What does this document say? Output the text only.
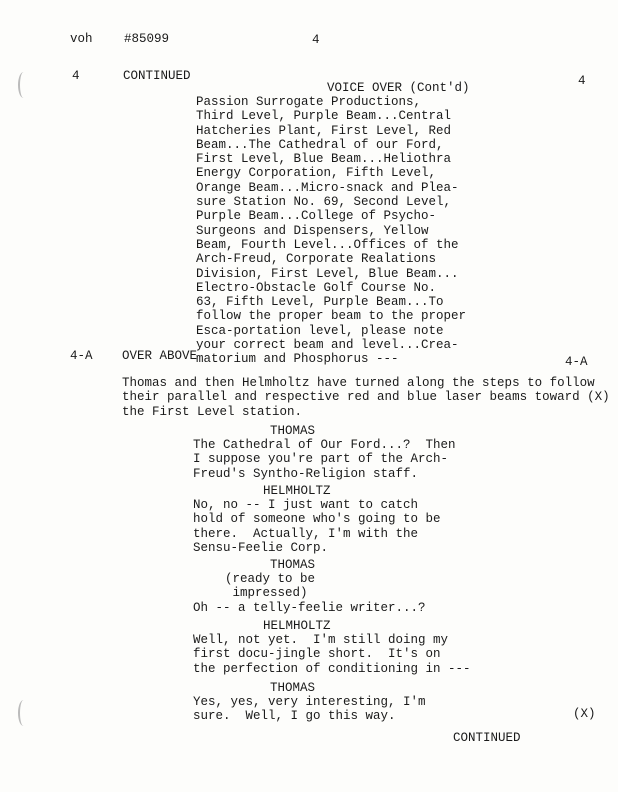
voh	#85099	4
4	CONTINUED	4
VOICE OVER (Cont'd)
Passion Surrogate Productions,
Third Level, Purple Beam...Central
Hatcheries Plant, First Level, Red
Beam...The Cathedral of our Ford,
First Level, Blue Beam...Heliothra
Energy Corporation, Fifth Level,
Orange Beam...Micro-snack and Plea-
sure Station No. 69, Second Level,
Purple Beam...College of Psycho-
Surgeons and Dispensers, Yellow
Beam, Fourth Level...Offices of the
Arch-Freud, Corporate Realations
Division, First Level, Blue Beam...
Electro-Obstacle Golf Course No.
63, Fifth Level, Purple Beam...To
follow the proper beam to the proper
Esca-portation level, please note
your correct beam and level...Crea-
matorium and Phosphorus ---
4-A OVER ABOVE	4-A
Thomas and then Helmholtz have turned along the steps to follow
their parallel and respective red and blue laser beams toward (X)
the First Level station.
THOMAS
The Cathedral of Our Ford...?  Then
I suppose you're part of the Arch-
Freud's Syntho-Religion staff.
HELMHOLTZ
No, no -- I just want to catch
hold of someone who's going to be
there.  Actually, I'm with the
Sensu-Feelie Corp.
THOMAS
(ready to be
impressed)
Oh -- a telly-feelie writer...?
HELMHOLTZ
Well, not yet.  I'm still doing my
first docu-jingle short.  It's on
the perfection of conditioning in ---
THOMAS
Yes, yes, very interesting, I'm
sure.  Well, I go this way.	(X)
CONTINUED
